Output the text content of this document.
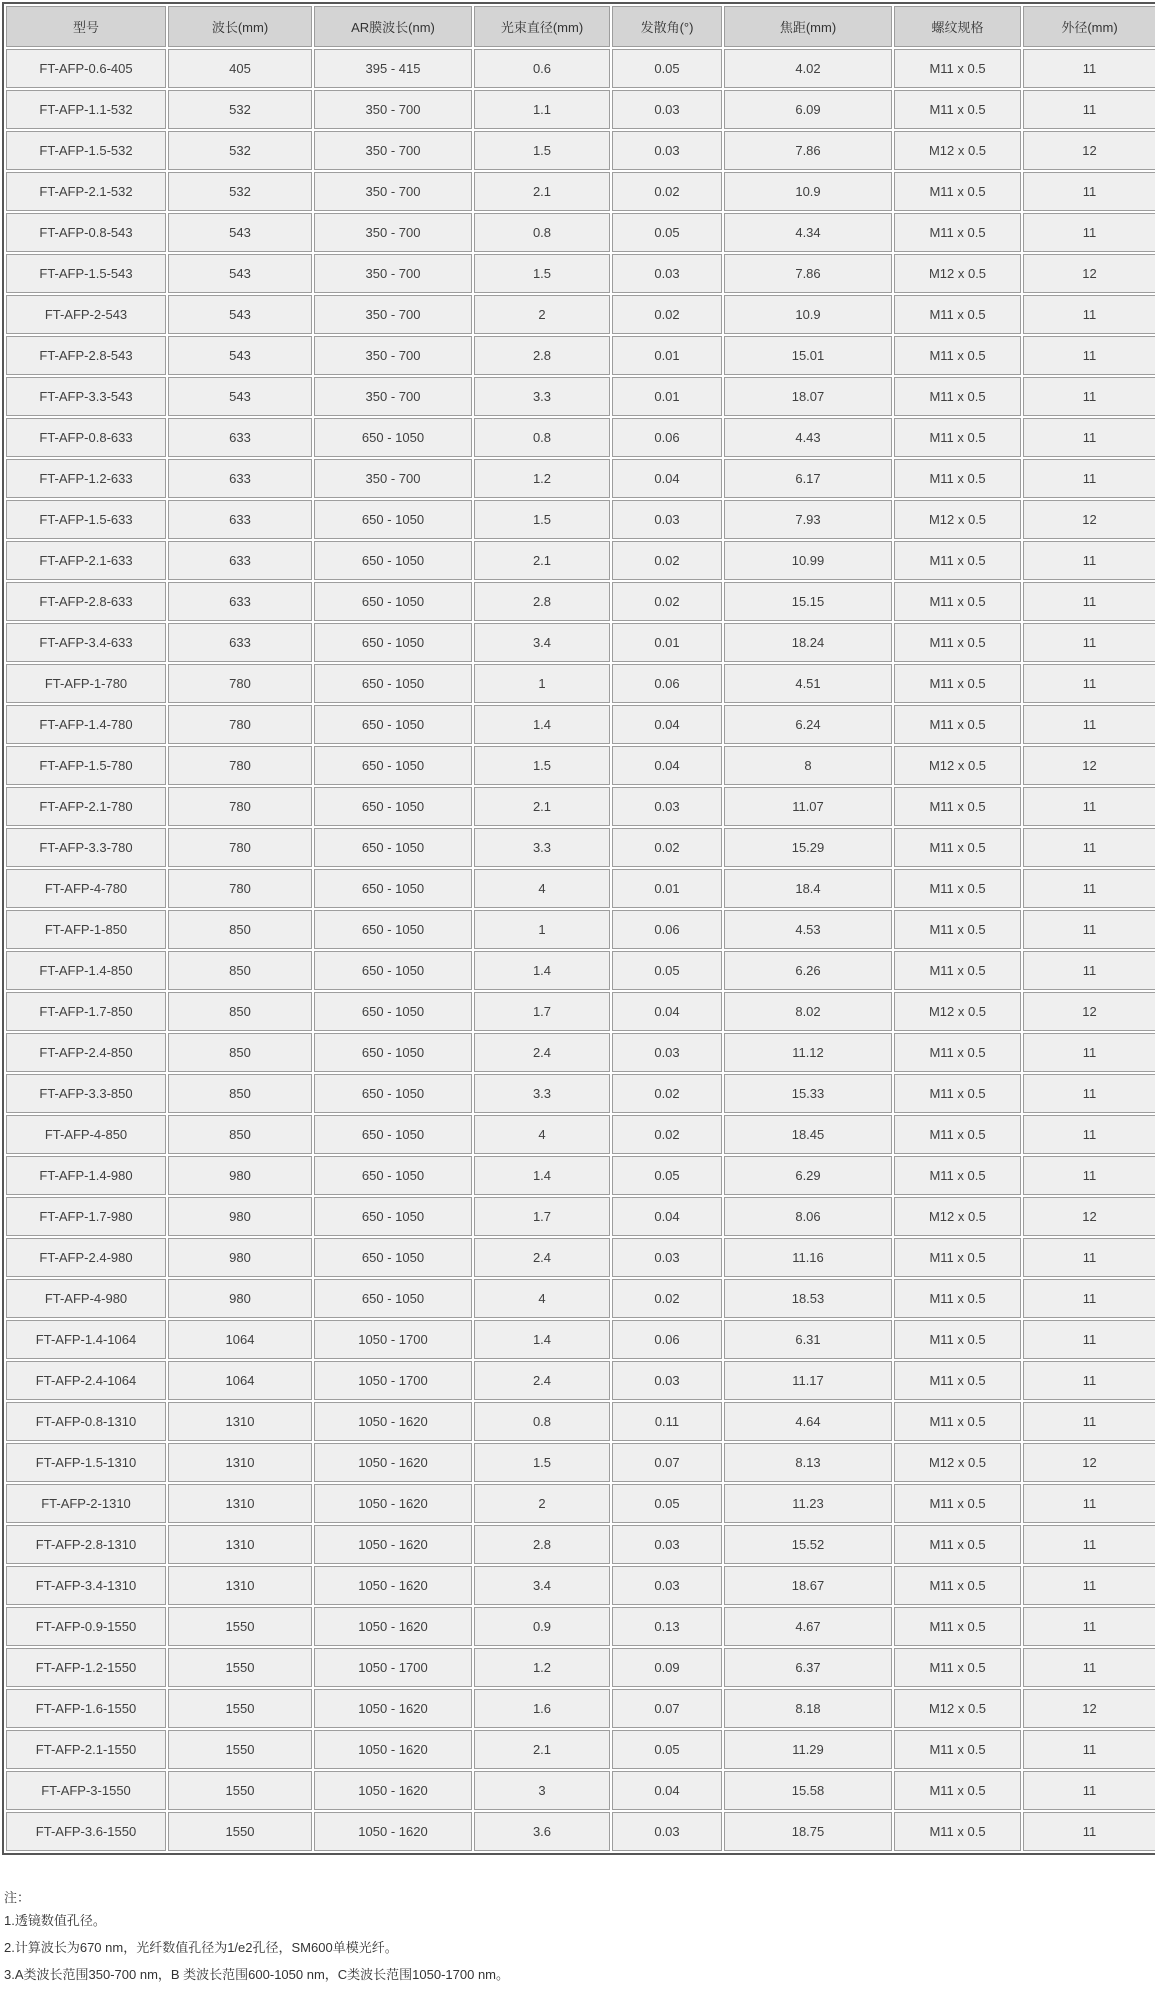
型号	波长(mm)	AR膜波长(nm)	光束直径(mm)	发散角(°)	焦距(mm)	螺纹规格	外径(mm)
FT-AFP-0.6-405	405	395 - 415	0.6	0.05	4.02	M11 x 0.5	11
FT-AFP-1.1-532	532	350 - 700	1.1	0.03	6.09	M11 x 0.5	11
FT-AFP-1.5-532	532	350 - 700	1.5	0.03	7.86	M12 x 0.5	12
FT-AFP-2.1-532	532	350 - 700	2.1	0.02	10.9	M11 x 0.5	11
FT-AFP-0.8-543	543	350 - 700	0.8	0.05	4.34	M11 x 0.5	11
FT-AFP-1.5-543	543	350 - 700	1.5	0.03	7.86	M12 x 0.5	12
FT-AFP-2-543	543	350 - 700	2	0.02	10.9	M11 x 0.5	11
FT-AFP-2.8-543	543	350 - 700	2.8	0.01	15.01	M11 x 0.5	11
FT-AFP-3.3-543	543	350 - 700	3.3	0.01	18.07	M11 x 0.5	11
FT-AFP-0.8-633	633	650 - 1050	0.8	0.06	4.43	M11 x 0.5	11
FT-AFP-1.2-633	633	350 - 700	1.2	0.04	6.17	M11 x 0.5	11
FT-AFP-1.5-633	633	650 - 1050	1.5	0.03	7.93	M12 x 0.5	12
FT-AFP-2.1-633	633	650 - 1050	2.1	0.02	10.99	M11 x 0.5	11
FT-AFP-2.8-633	633	650 - 1050	2.8	0.02	15.15	M11 x 0.5	11
FT-AFP-3.4-633	633	650 - 1050	3.4	0.01	18.24	M11 x 0.5	11
FT-AFP-1-780	780	650 - 1050	1	0.06	4.51	M11 x 0.5	11
FT-AFP-1.4-780	780	650 - 1050	1.4	0.04	6.24	M11 x 0.5	11
FT-AFP-1.5-780	780	650 - 1050	1.5	0.04	8	M12 x 0.5	12
FT-AFP-2.1-780	780	650 - 1050	2.1	0.03	11.07	M11 x 0.5	11
FT-AFP-3.3-780	780	650 - 1050	3.3	0.02	15.29	M11 x 0.5	11
FT-AFP-4-780	780	650 - 1050	4	0.01	18.4	M11 x 0.5	11
FT-AFP-1-850	850	650 - 1050	1	0.06	4.53	M11 x 0.5	11
FT-AFP-1.4-850	850	650 - 1050	1.4	0.05	6.26	M11 x 0.5	11
FT-AFP-1.7-850	850	650 - 1050	1.7	0.04	8.02	M12 x 0.5	12
FT-AFP-2.4-850	850	650 - 1050	2.4	0.03	11.12	M11 x 0.5	11
FT-AFP-3.3-850	850	650 - 1050	3.3	0.02	15.33	M11 x 0.5	11
FT-AFP-4-850	850	650 - 1050	4	0.02	18.45	M11 x 0.5	11
FT-AFP-1.4-980	980	650 - 1050	1.4	0.05	6.29	M11 x 0.5	11
FT-AFP-1.7-980	980	650 - 1050	1.7	0.04	8.06	M12 x 0.5	12
FT-AFP-2.4-980	980	650 - 1050	2.4	0.03	11.16	M11 x 0.5	11
FT-AFP-4-980	980	650 - 1050	4	0.02	18.53	M11 x 0.5	11
FT-AFP-1.4-1064	1064	1050 - 1700	1.4	0.06	6.31	M11 x 0.5	11
FT-AFP-2.4-1064	1064	1050 - 1700	2.4	0.03	11.17	M11 x 0.5	11
FT-AFP-0.8-1310	1310	1050 - 1620	0.8	0.11	4.64	M11 x 0.5	11
FT-AFP-1.5-1310	1310	1050 - 1620	1.5	0.07	8.13	M12 x 0.5	12
FT-AFP-2-1310	1310	1050 - 1620	2	0.05	11.23	M11 x 0.5	11
FT-AFP-2.8-1310	1310	1050 - 1620	2.8	0.03	15.52	M11 x 0.5	11
FT-AFP-3.4-1310	1310	1050 - 1620	3.4	0.03	18.67	M11 x 0.5	11
FT-AFP-0.9-1550	1550	1050 - 1620	0.9	0.13	4.67	M11 x 0.5	11
FT-AFP-1.2-1550	1550	1050 - 1700	1.2	0.09	6.37	M11 x 0.5	11
FT-AFP-1.6-1550	1550	1050 - 1620	1.6	0.07	8.18	M12 x 0.5	12
FT-AFP-2.1-1550	1550	1050 - 1620	2.1	0.05	11.29	M11 x 0.5	11
FT-AFP-3-1550	1550	1050 - 1620	3	0.04	15.58	M11 x 0.5	11
FT-AFP-3.6-1550	1550	1050 - 1620	3.6	0.03	18.75	M11 x 0.5	11

注：

1.透镜数值孔径。

2.计算波长为670 nm，光纤数值孔径为1/e2孔径，SM600单模光纤。

3.A类波长范围350-700 nm，B 类波长范围600-1050 nm，C类波长范围1050-1700 nm。
